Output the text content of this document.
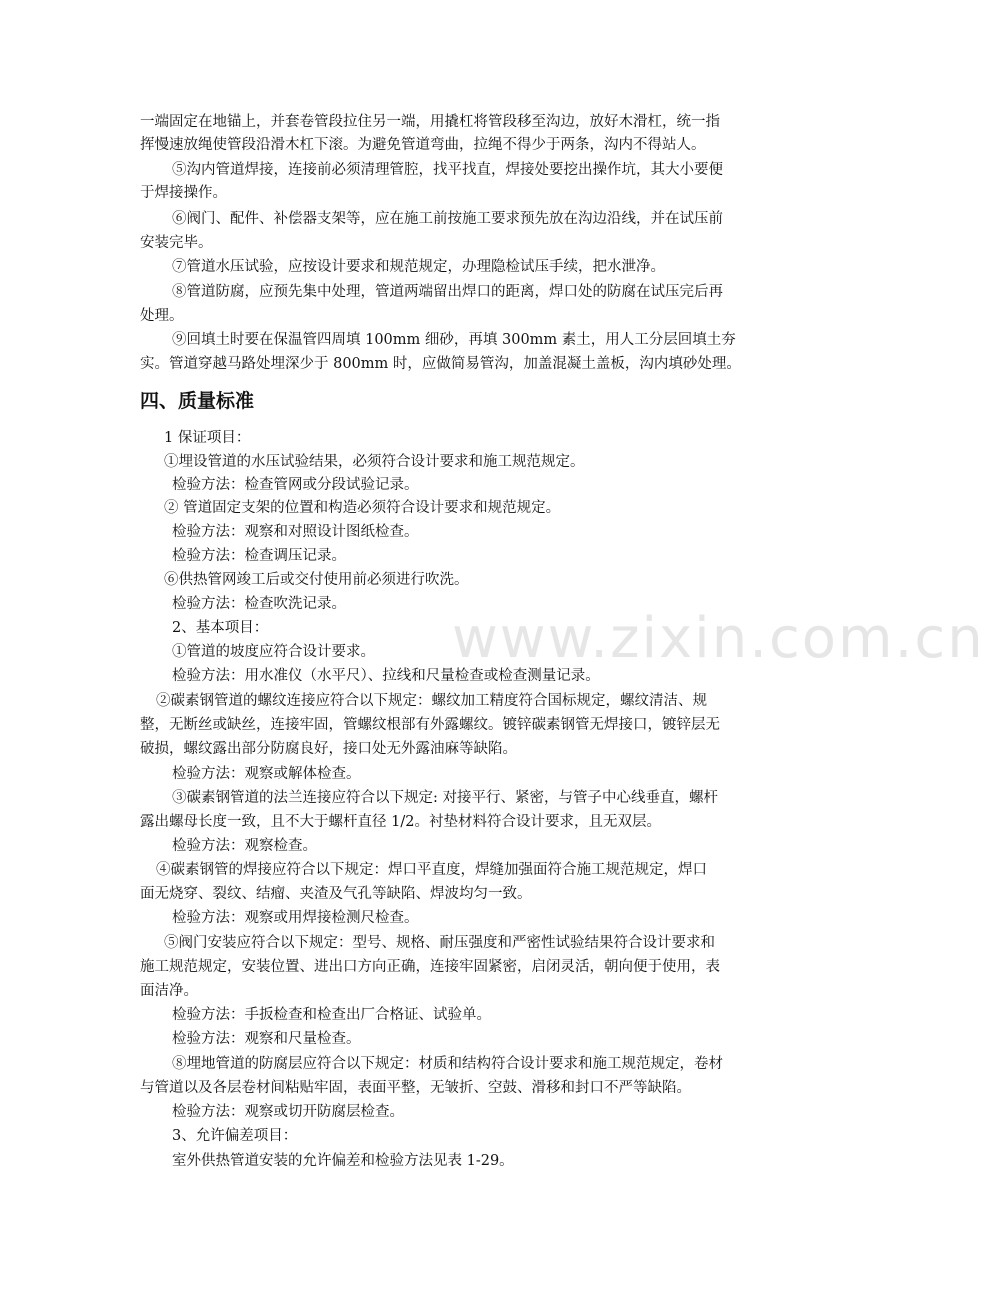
www.zixin.com.cn
一端固定在地锚上，并套卷管段拉住另一端，用撬杠将管段移至沟边，放好木滑杠，统一指
挥慢速放绳使管段沿滑木杠下滚。为避免管道弯曲，拉绳不得少于两条，沟内不得站人。
⑤沟内管道焊接，连接前必须清理管腔，找平找直，焊接处要挖出操作坑，其大小要便
于焊接操作。
⑥阀门、配件、补偿器支架等，应在施工前按施工要求预先放在沟边沿线，并在试压前
安装完毕。
⑦管道水压试验，应按设计要求和规范规定，办理隐检试压手续，把水泄净。
⑧管道防腐，应预先集中处理，管道两端留出焊口的距离，焊口处的防腐在试压完后再
处理。
⑨回填土时要在保温管四周填 100mm 细砂，再填 300mm 素土，用人工分层回填土夯
实。管道穿越马路处埋深少于 800mm 时，应做简易管沟，加盖混凝土盖板，沟内填砂处理。
四、质量标准
1 保证项目：
①埋设管道的水压试验结果，必须符合设计要求和施工规范规定。
检验方法：检查管网或分段试验记录。
② 管道固定支架的位置和构造必须符合设计要求和规范规定。
检验方法：观察和对照设计图纸检查。
检验方法：检查调压记录。
⑥供热管网竣工后或交付使用前必须进行吹洗。
检验方法：检查吹洗记录。
2、基本项目：
①管道的坡度应符合设计要求。
检验方法：用水准仪（水平尺）、拉线和尺量检查或检查测量记录。
②碳素钢管道的螺纹连接应符合以下规定：螺纹加工精度符合国标规定，螺纹清洁、规
整，无断丝或缺丝，连接牢固，管螺纹根部有外露螺纹。镀锌碳素钢管无焊接口，镀锌层无
破损，螺纹露出部分防腐良好，接口处无外露油麻等缺陷。
检验方法：观察或解体检查。
③碳素钢管道的法兰连接应符合以下规定: 对接平行、紧密，与管子中心线垂直，螺杆
露出螺母长度一致，且不大于螺杆直径 1/2。衬垫材料符合设计要求，且无双层。
检验方法：观察检查。
④碳素钢管的焊接应符合以下规定：焊口平直度，焊缝加强面符合施工规范规定，焊口
面无烧穿、裂纹、结瘤、夹渣及气孔等缺陷、焊波均匀一致。
检验方法：观察或用焊接检测尺检查。
⑤阀门安装应符合以下规定：型号、规格、耐压强度和严密性试验结果符合设计要求和
施工规范规定，安装位置、进出口方向正确，连接牢固紧密，启闭灵活，朝向便于使用，表
面洁净。
检验方法：手扳检查和检查出厂合格证、试验单。
检验方法：观察和尺量检查。
⑧埋地管道的防腐层应符合以下规定：材质和结构符合设计要求和施工规范规定，卷材
与管道以及各层卷材间粘贴牢固，表面平整，无皱折、空鼓、滑移和封口不严等缺陷。
检验方法：观察或切开防腐层检查。
3、允许偏差项目：
室外供热管道安装的允许偏差和检验方法见表 1-29。
